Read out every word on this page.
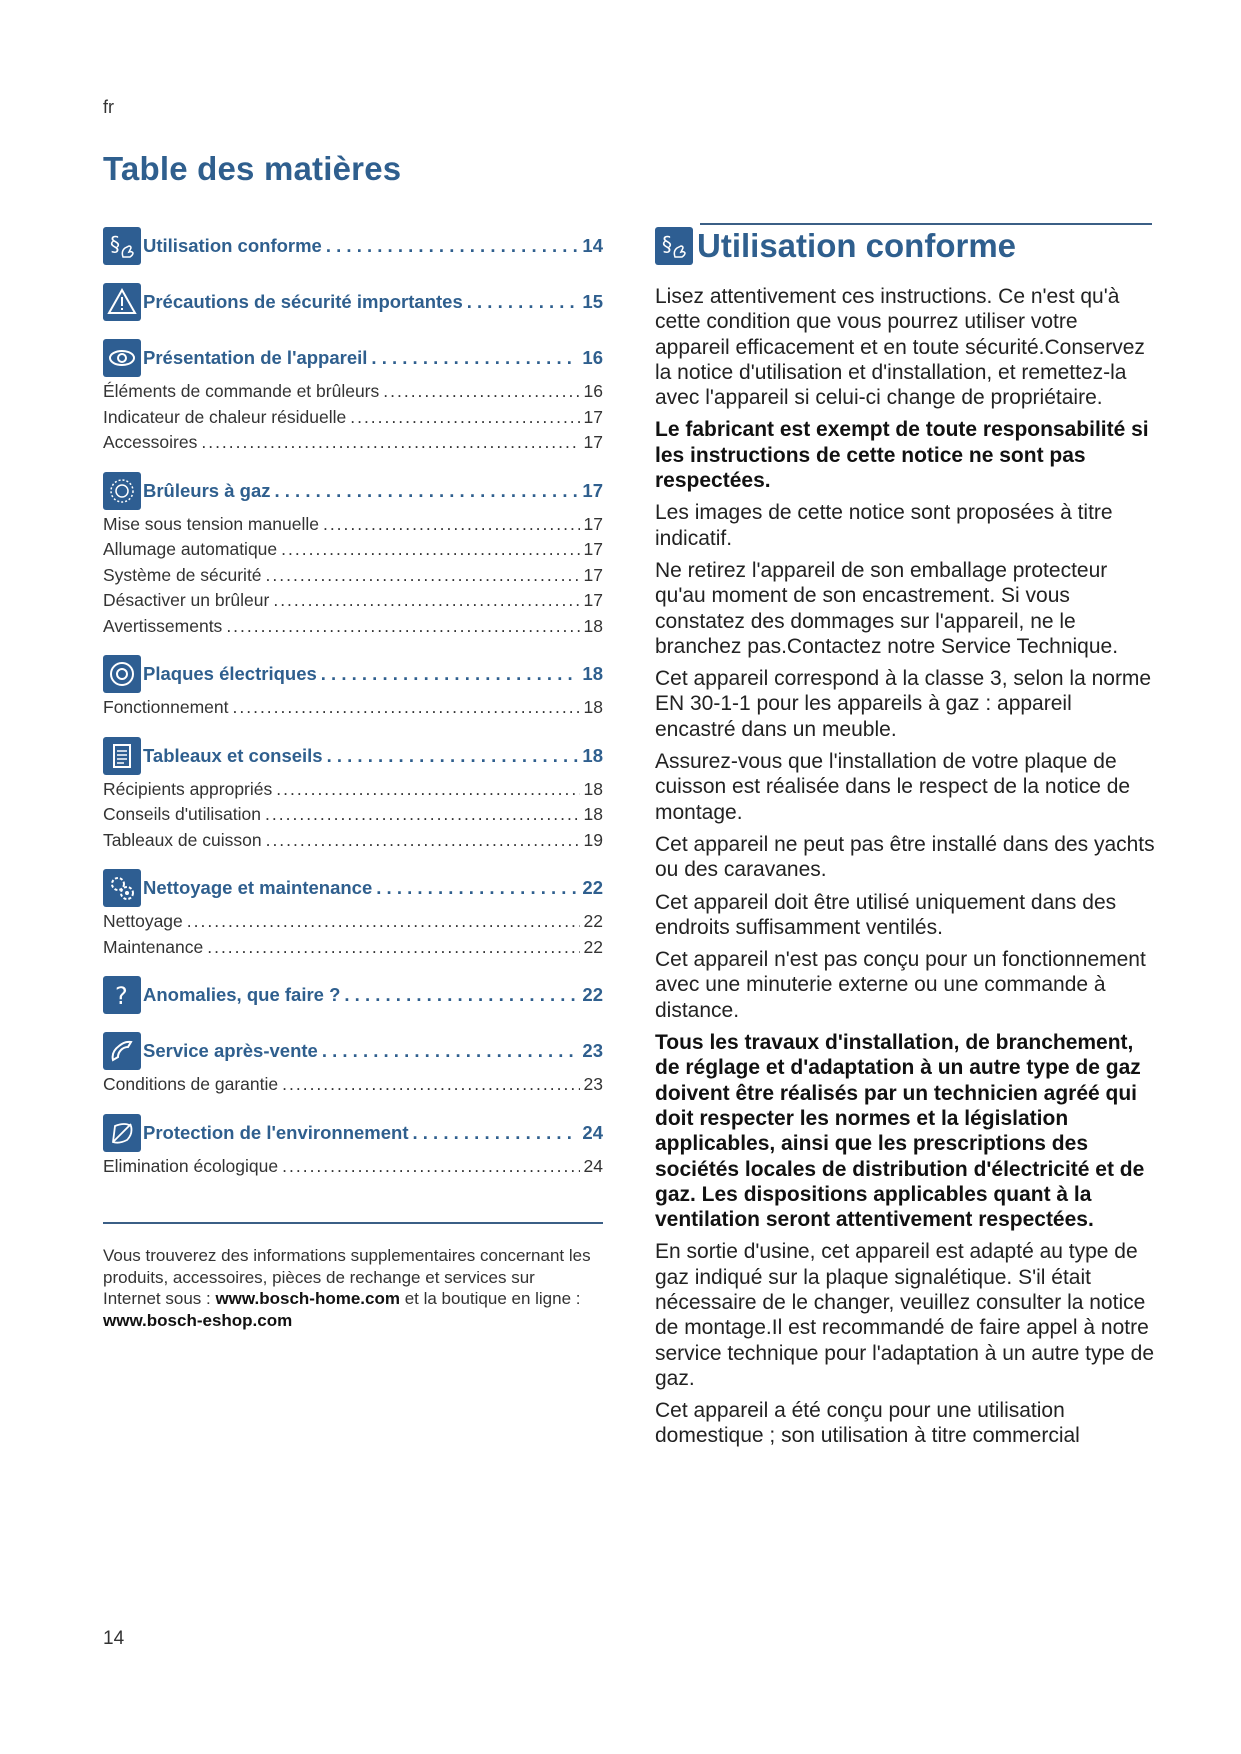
fr
Table des matières
§ Utilisation conforme . . .	14
Précautions de sécurité importantes . . .	15
Présentation de l'appareil . . .	16
Éléments de commande et brûleurs .....	16
Indicateur de chaleur résiduelle .....	17
Accessoires .....	17
Brûleurs à gaz . . .	17
Mise sous tension manuelle .....	17
Allumage automatique .....	17
Système de sécurité .....	17
Désactiver un brûleur .....	17
Avertissements .....	18
Plaques électriques . . .	18
Fonctionnement .....	18
Tableaux et conseils . . .	18
Récipients appropriés .....	18
Conseils d'utilisation .....	18
Tableaux de cuisson .....	19
Nettoyage et maintenance . . .	22
Nettoyage .....	22
Maintenance .....	22
? Anomalies, que faire ? . . .	22
Service après-vente . . .	23
Conditions de garantie .....	23
Protection de l'environnement . . .	24
Elimination écologique .....	24

Vous trouverez des informations supplementaires concernant les produits, accessoires, pièces de rechange et services sur Internet sous : www.bosch-home.com et la boutique en ligne : www.bosch-eshop.com

§ Utilisation conforme

Lisez attentivement ces instructions. Ce n'est qu'à cette condition que vous pourrez utiliser votre appareil efficacement et en toute sécurité.Conservez la notice d'utilisation et d'installation, et remettez-la avec l'appareil si celui-ci change de propriétaire.

Le fabricant est exempt de toute responsabilité si les instructions de cette notice ne sont pas respectées.

Les images de cette notice sont proposées à titre indicatif.

Ne retirez l'appareil de son emballage protecteur qu'au moment de son encastrement. Si vous constatez des dommages sur l'appareil, ne le branchez pas.Contactez notre Service Technique.

Cet appareil correspond à la classe 3, selon la norme EN 30-1-1 pour les appareils à gaz : appareil encastré dans un meuble.

Assurez-vous que l'installation de votre plaque de cuisson est réalisée dans le respect de la notice de montage.

Cet appareil ne peut pas être installé dans des yachts ou des caravanes.

Cet appareil doit être utilisé uniquement dans des endroits suffisamment ventilés.

Cet appareil n'est pas conçu pour un fonctionnement avec une minuterie externe ou une commande à distance.

Tous les travaux d'installation, de branchement, de réglage et d'adaptation à un autre type de gaz doivent être réalisés par un technicien agréé qui doit respecter les normes et la législation applicables, ainsi que les prescriptions des sociétés locales de distribution d'électricité et de gaz. Les dispositions applicables quant à la ventilation seront attentivement respectées.

En sortie d'usine, cet appareil est adapté au type de gaz indiqué sur la plaque signalétique. S'il était nécessaire de le changer, veuillez consulter la notice de montage.Il est recommandé de faire appel à notre service technique pour l'adaptation à un autre type de gaz.

Cet appareil a été conçu pour une utilisation domestique ; son utilisation à titre commercial

14
